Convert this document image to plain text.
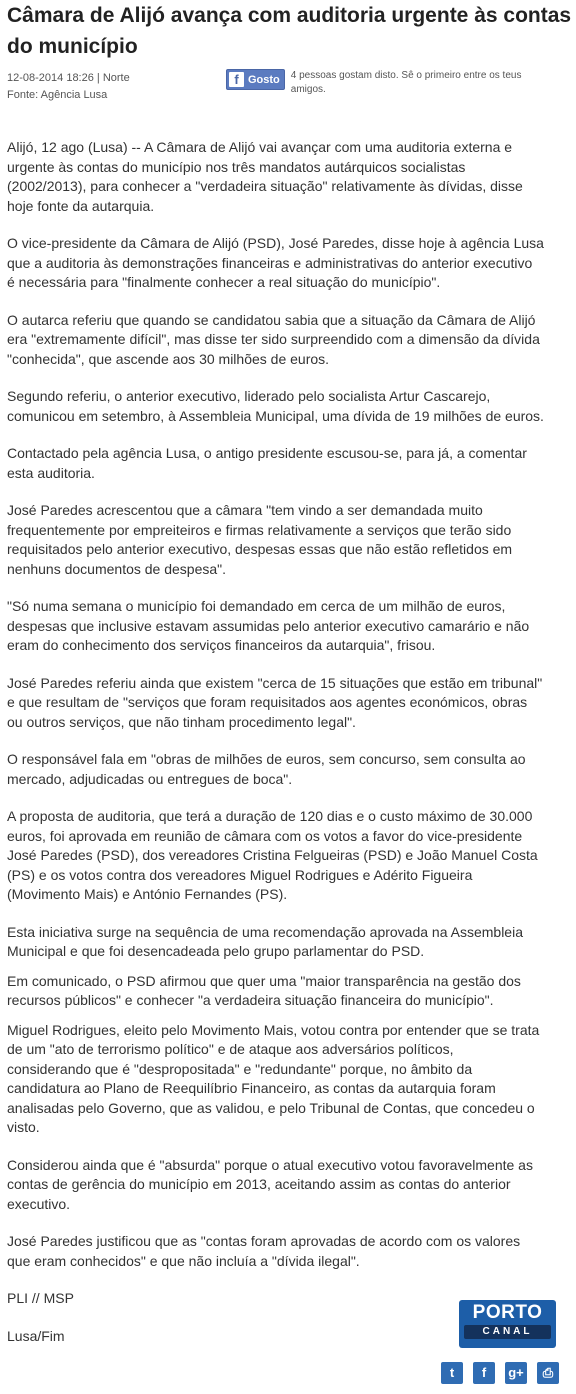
Câmara de Alijó avança com auditoria urgente às contas do município
12-08-2014 18:26 | Norte
Fonte: Agência Lusa
f Gosto 4 pessoas gostam disto. Sê o primeiro entre os teus amigos.

Alijó, 12 ago (Lusa) -- A Câmara de Alijó vai avançar com uma auditoria externa e
urgente às contas do município nos três mandatos autárquicos socialistas
(2002/2013), para conhecer a "verdadeira situação" relativamente às dívidas, disse
hoje fonte da autarquia.

O vice-presidente da Câmara de Alijó (PSD), José Paredes, disse hoje à agência Lusa
que a auditoria às demonstrações financeiras e administrativas do anterior executivo
é necessária para "finalmente conhecer a real situação do município".

O autarca referiu que quando se candidatou sabia que a situação da Câmara de Alijó
era "extremamente difícil", mas disse ter sido surpreendido com a dimensão da dívida
"conhecida", que ascende aos 30 milhões de euros.

Segundo referiu, o anterior executivo, liderado pelo socialista Artur Cascarejo,
comunicou em setembro, à Assembleia Municipal, uma dívida de 19 milhões de euros.

Contactado pela agência Lusa, o antigo presidente escusou-se, para já, a comentar
esta auditoria.

José Paredes acrescentou que a câmara "tem vindo a ser demandada muito
frequentemente por empreiteiros e firmas relativamente a serviços que terão sido
requisitados pelo anterior executivo, despesas essas que não estão refletidos em
nenhuns documentos de despesa".

"Só numa semana o município foi demandado em cerca de um milhão de euros,
despesas que inclusive estavam assumidas pelo anterior executivo camarário e não
eram do conhecimento dos serviços financeiros da autarquia", frisou.

José Paredes referiu ainda que existem "cerca de 15 situações que estão em tribunal"
e que resultam de "serviços que foram requisitados aos agentes económicos, obras
ou outros serviços, que não tinham procedimento legal".

O responsável fala em "obras de milhões de euros, sem concurso, sem consulta ao
mercado, adjudicadas ou entregues de boca".

A proposta de auditoria, que terá a duração de 120 dias e o custo máximo de 30.000
euros, foi aprovada em reunião de câmara com os votos a favor do vice-presidente
José Paredes (PSD), dos vereadores Cristina Felgueiras (PSD) e João Manuel Costa
(PS) e os votos contra dos vereadores Miguel Rodrigues e Adérito Figueira
(Movimento Mais) e António Fernandes (PS).

Esta iniciativa surge na sequência de uma recomendação aprovada na Assembleia
Municipal e que foi desencadeada pelo grupo parlamentar do PSD.

Em comunicado, o PSD afirmou que quer uma "maior transparência na gestão dos
recursos públicos" e conhecer "a verdadeira situação financeira do município".

Miguel Rodrigues, eleito pelo Movimento Mais, votou contra por entender que se trata
de um "ato de terrorismo político" e de ataque aos adversários políticos,
considerando que é "despropositada" e "redundante" porque, no âmbito da
candidatura ao Plano de Reequilíbrio Financeiro, as contas da autarquia foram
analisadas pelo Governo, que as validou, e pelo Tribunal de Contas, que concedeu o
visto.

Considerou ainda que é "absurda" porque o atual executivo votou favoravelmente as
contas de gerência do município em 2013, aceitando assim as contas do anterior
executivo.

José Paredes justificou que as "contas foram aprovadas de acordo com os valores
que eram conhecidos" e que não incluía a "dívida ilegal".

PLI // MSP

Lusa/Fim

PORTO
CANAL
t	f	g+	⎙
